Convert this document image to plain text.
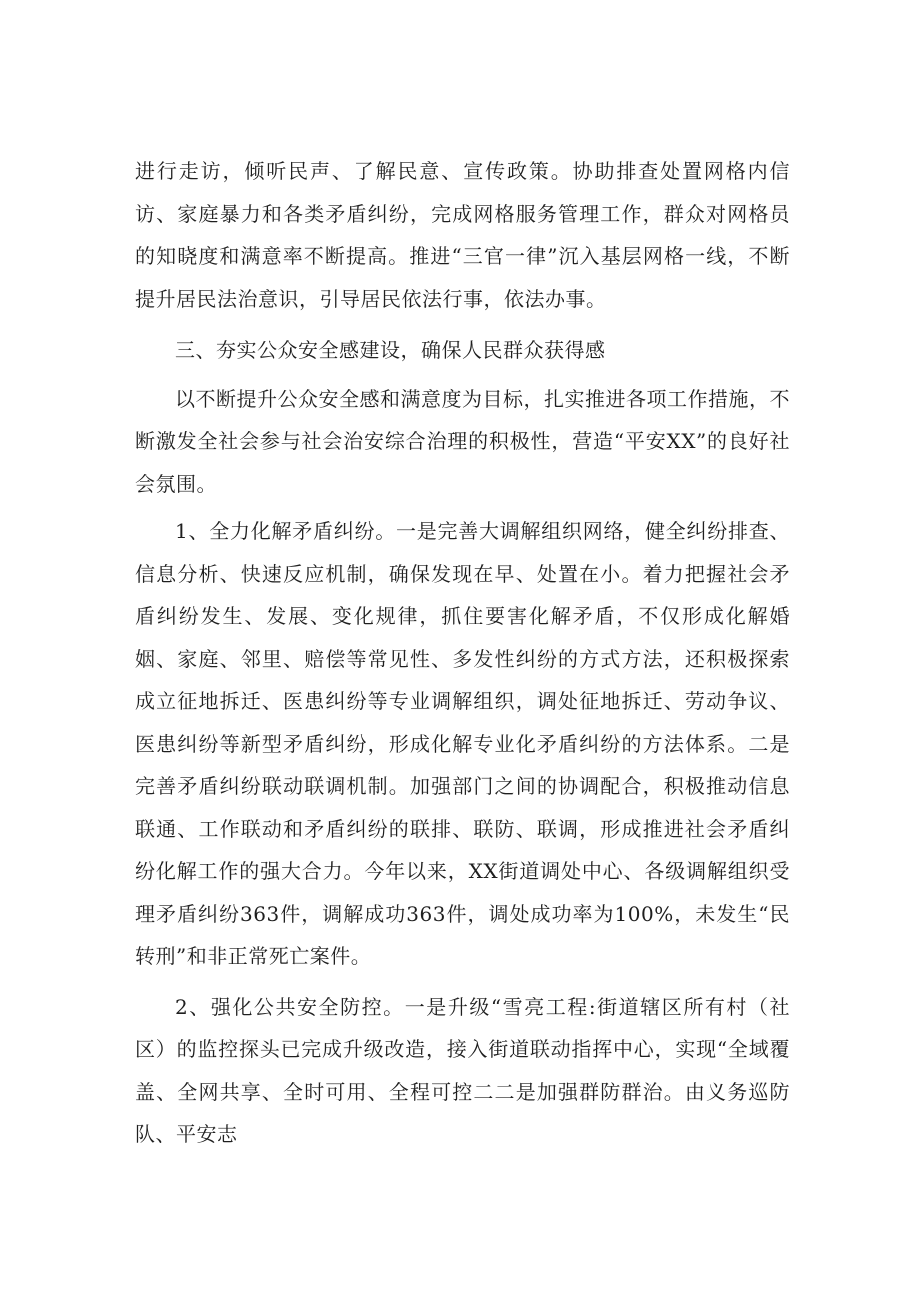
进行走访，倾听民声、了解民意、宣传政策。协助排查处置网格内信访、家庭暴力和各类矛盾纠纷，完成网格服务管理工作，群众对网格员的知晓度和满意率不断提高。推进“三官一律”沉入基层网格一线，不断提升居民法治意识，引导居民依法行事，依法办事。

三、夯实公众安全感建设，确保人民群众获得感

以不断提升公众安全感和满意度为目标，扎实推进各项工作措施，不断激发全社会参与社会治安综合治理的积极性，营造“平安XX”的良好社会氛围。

1、全力化解矛盾纠纷。一是完善大调解组织网络，健全纠纷排查、信息分析、快速反应机制，确保发现在早、处置在小。着力把握社会矛盾纠纷发生、发展、变化规律，抓住要害化解矛盾，不仅形成化解婚姻、家庭、邻里、赔偿等常见性、多发性纠纷的方式方法，还积极探索成立征地拆迁、医患纠纷等专业调解组织，调处征地拆迁、劳动争议、医患纠纷等新型矛盾纠纷，形成化解专业化矛盾纠纷的方法体系。二是完善矛盾纠纷联动联调机制。加强部门之间的协调配合，积极推动信息联通、工作联动和矛盾纠纷的联排、联防、联调，形成推进社会矛盾纠纷化解工作的强大合力。今年以来，XX街道调处中心、各级调解组织受理矛盾纠纷363件，调解成功363件，调处成功率为100%，未发生“民转刑”和非正常死亡案件。

2、强化公共安全防控。一是升级“雪亮工程:街道辖区所有村（社区）的监控探头已完成升级改造，接入街道联动指挥中心，实现“全域覆盖、全网共享、全时可用、全程可控二二是加强群防群治。由义务巡防队、平安志
